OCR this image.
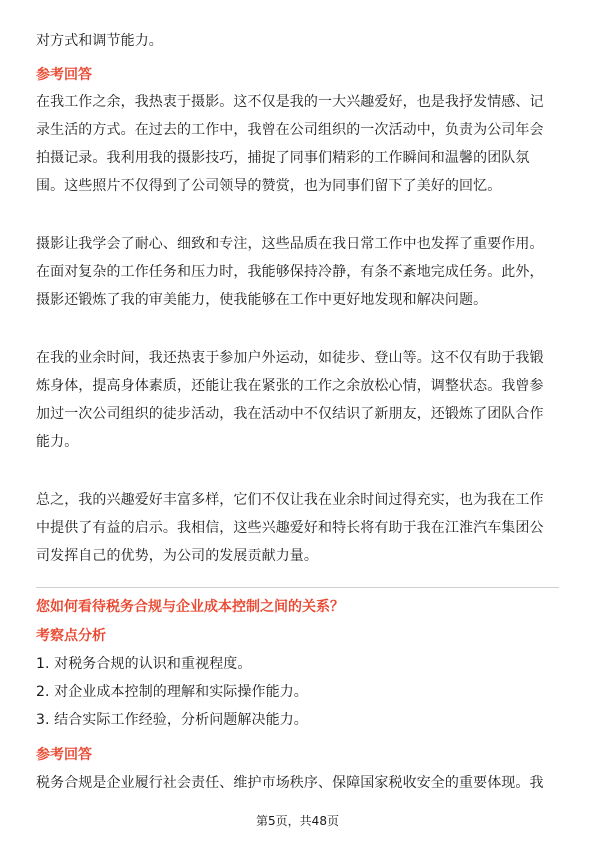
对方式和调节能力。
参考回答
在我工作之余，我热衷于摄影。这不仅是我的一大兴趣爱好，也是我抒发情感、记
录生活的方式。在过去的工作中，我曾在公司组织的一次活动中，负责为公司年会
拍摄记录。我利用我的摄影技巧，捕捉了同事们精彩的工作瞬间和温馨的团队氛
围。这些照片不仅得到了公司领导的赞赏，也为同事们留下了美好的回忆。
摄影让我学会了耐心、细致和专注，这些品质在我日常工作中也发挥了重要作用。
在面对复杂的工作任务和压力时，我能够保持冷静，有条不紊地完成任务。此外，
摄影还锻炼了我的审美能力，使我能够在工作中更好地发现和解决问题。
在我的业余时间，我还热衷于参加户外运动，如徒步、登山等。这不仅有助于我锻
炼身体，提高身体素质，还能让我在紧张的工作之余放松心情，调整状态。我曾参
加过一次公司组织的徒步活动，我在活动中不仅结识了新朋友，还锻炼了团队合作
能力。
总之，我的兴趣爱好丰富多样，它们不仅让我在业余时间过得充实，也为我在工作
中提供了有益的启示。我相信，这些兴趣爱好和特长将有助于我在江淮汽车集团公
司发挥自己的优势，为公司的发展贡献力量。
您如何看待税务合规与企业成本控制之间的关系？
考察点分析
1. 对税务合规的认识和重视程度。
2. 对企业成本控制的理解和实际操作能力。
3. 结合实际工作经验，分析问题解决能力。
参考回答
税务合规是企业履行社会责任、维护市场秩序、保障国家税收安全的重要体现。我
第5页，共48页
